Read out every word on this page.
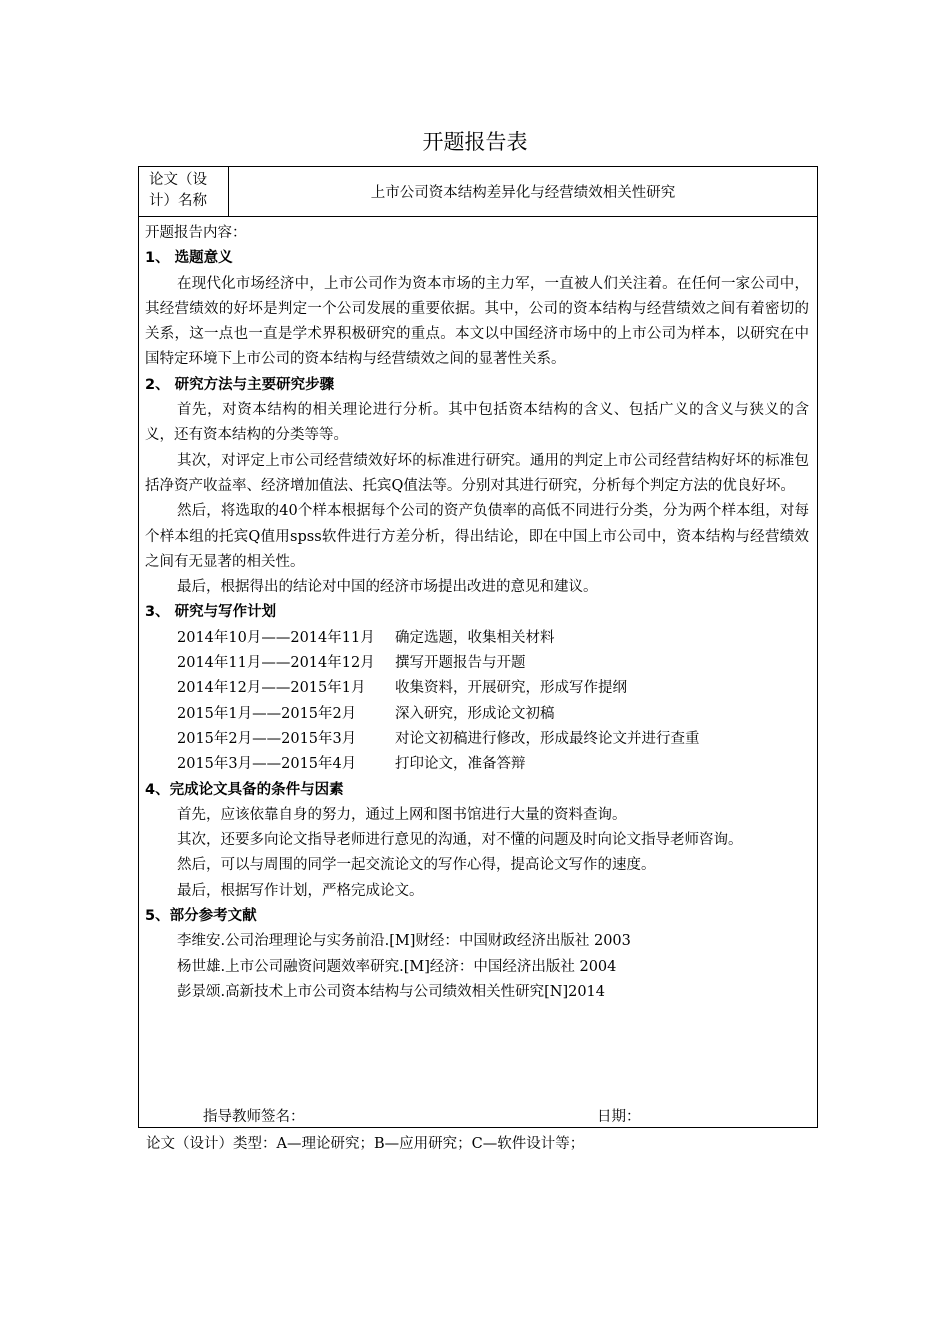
开题报告表
论文（设
计）名称	上市公司资本结构差异化与经营绩效相关性研究
开题报告内容：
1、 选题意义
在现代化市场经济中，上市公司作为资本市场的主力军，一直被人们关注着。在任何一家公司中，其经营绩效的好坏是判定一个公司发展的重要依据。其中，公司的资本结构与经营绩效之间有着密切的关系，这一点也一直是学术界积极研究的重点。本文以中国经济市场中的上市公司为样本，以研究在中国特定环境下上市公司的资本结构与经营绩效之间的显著性关系。
2、 研究方法与主要研究步骤
首先，对资本结构的相关理论进行分析。其中包括资本结构的含义、包括广义的含义与狭义的含义，还有资本结构的分类等等。
其次，对评定上市公司经营绩效好坏的标准进行研究。通用的判定上市公司经营结构好坏的标准包括净资产收益率、经济增加值法、托宾Q值法等。分别对其进行研究，分析每个判定方法的优良好坏。
然后，将选取的40个样本根据每个公司的资产负债率的高低不同进行分类，分为两个样本组，对每个样本组的托宾Q值用spss软件进行方差分析，得出结论，即在中国上市公司中，资本结构与经营绩效之间有无显著的相关性。
最后，根据得出的结论对中国的经济市场提出改进的意见和建议。
3、 研究与写作计划
2014年10月——2014年11月	确定选题，收集相关材料
2014年11月——2014年12月	撰写开题报告与开题
2014年12月——2015年1月	收集资料，开展研究，形成写作提纲
2015年1月——2015年2月	深入研究，形成论文初稿
2015年2月——2015年3月	对论文初稿进行修改，形成最终论文并进行查重
2015年3月——2015年4月	打印论文，准备答辩
4、完成论文具备的条件与因素
首先，应该依靠自身的努力，通过上网和图书馆进行大量的资料查询。
其次，还要多向论文指导老师进行意见的沟通，对不懂的问题及时向论文指导老师咨询。
然后，可以与周围的同学一起交流论文的写作心得，提高论文写作的速度。
最后，根据写作计划，严格完成论文。
5、部分参考文献
李维安.公司治理理论与实务前沿.[M]财经：中国财政经济出版社 2003
杨世雄.上市公司融资问题效率研究.[M]经济：中国经济出版社 2004
彭景颂.高新技术上市公司资本结构与公司绩效相关性研究[N]2014
指导教师签名：	日期：
论文（设计）类型：A—理论研究；B—应用研究；C—软件设计等；
